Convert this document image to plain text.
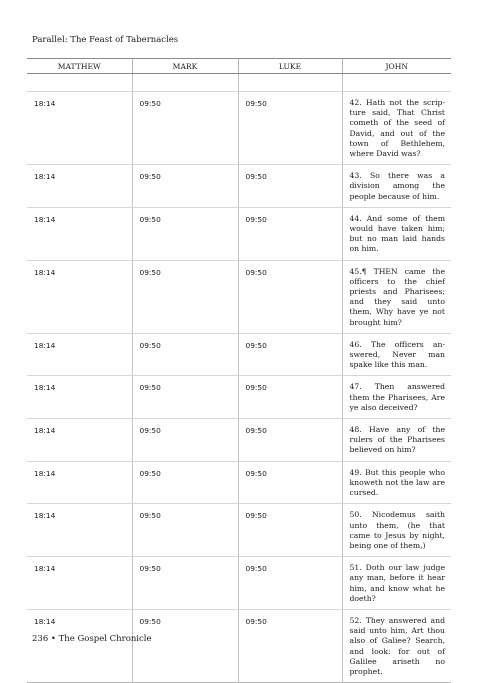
Parallel: The Feast of Tabernacles
MATTHEW	MARK	LUKE	JOHN

18:14	09:50	09:50	42. Hath not the scrip-ture said, That Christ cometh of the seed of David, and out of the town of Bethlehem, where David was?
18:14	09:50	09:50	43. So there was a division among the people because of him.
18:14	09:50	09:50	44. And some of them would have taken him; but no man laid hands on him.
18:14	09:50	09:50	45.¶ THEN came the officers to the chief priests and Pharisees; and they said unto them, Why have ye not brought him?
18:14	09:50	09:50	46. The officers an-swered, Never man spake like this man.
18:14	09:50	09:50	47. Then answered them the Pharisees, Are ye also deceived?
18:14	09:50	09:50	48. Have any of the rulers of the Pharisees believed on him?
18:14	09:50	09:50	49. But this people who knoweth not the law are cursed.
18:14	09:50	09:50	50. Nicodemus saith unto them, (he that came to Jesus by night, being one of them,)
18:14	09:50	09:50	51. Doth our law judge any man, before it hear him, and know what he doeth?
18:14	09:50	09:50	52. They answered and said unto him, Art thou also of Galiee? Search, and look: for out of Galilee ariseth no prophet.
236 • The Gospel Chronicle
